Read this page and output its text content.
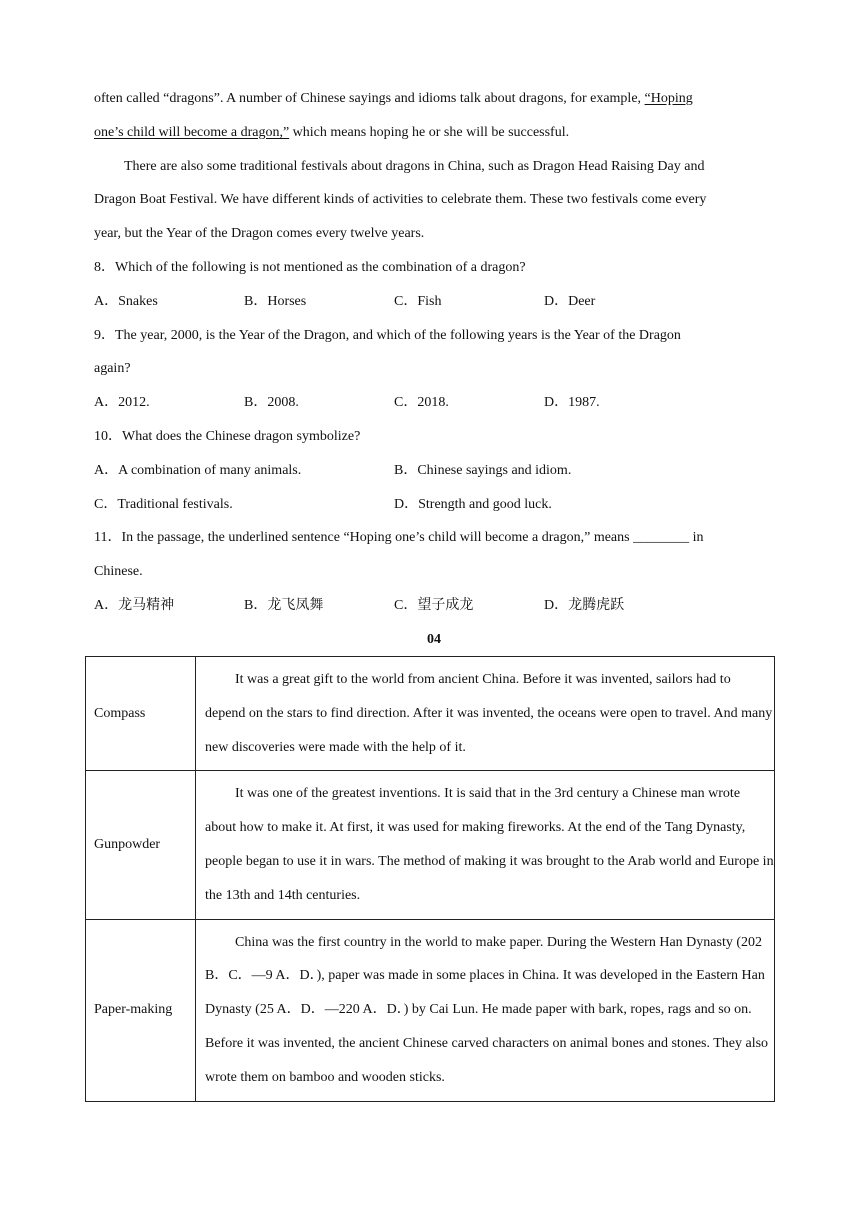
often called “dragons”. A number of Chinese sayings and idioms talk about dragons, for example, “Hoping
one’s child will become a dragon,” which means hoping he or she will be successful.
There are also some traditional festivals about dragons in China, such as Dragon Head Raising Day and
Dragon Boat Festival. We have different kinds of activities to celebrate them. These two festivals come every
year, but the Year of the Dragon comes every twelve years.
8．Which of the following is not mentioned as the combination of a dragon?
A．Snakes	B．Horses	C．Fish	D．Deer
9．The year, 2000, is the Year of the Dragon, and which of the following years is the Year of the Dragon
again?
A．2012.	B．2008.	C．2018.	D．1987.
10．What does the Chinese dragon symbolize?
A．A combination of many animals.	B．Chinese sayings and idiom.
C．Traditional festivals.	D．Strength and good luck.
11．In the passage, the underlined sentence “Hoping one’s child will become a dragon,” means ________ in
Chinese.
A．龙马精神	B．龙飞凤舞	C．望子成龙	D．龙腾虎跃
04
Compass	It was a great gift to the world from ancient China. Before it was invented, sailors had to depend on the stars to find direction. After it was invented, the oceans were open to travel. And many new discoveries were made with the help of it.

Gunpowder	It was one of the greatest inventions. It is said that in the 3rd century a Chinese man wrote about how to make it. At first, it was used for making fireworks. At the end of the Tang Dynasty, people began to use it in wars. The method of making it was brought to the Arab world and Europe in the 13th and 14th centuries.

Paper-making	China was the first country in the world to make paper. During the Western Han Dynasty (202 B．C．—9 A．D．), paper was made in some places in China. It was developed in the Eastern Han Dynasty (25 A．D．—220 A．D．) by Cai Lun. He made paper with bark, ropes, rags and so on. Before it was invented, the ancient Chinese carved characters on animal bones and stones. They also wrote them on bamboo and wooden sticks.
